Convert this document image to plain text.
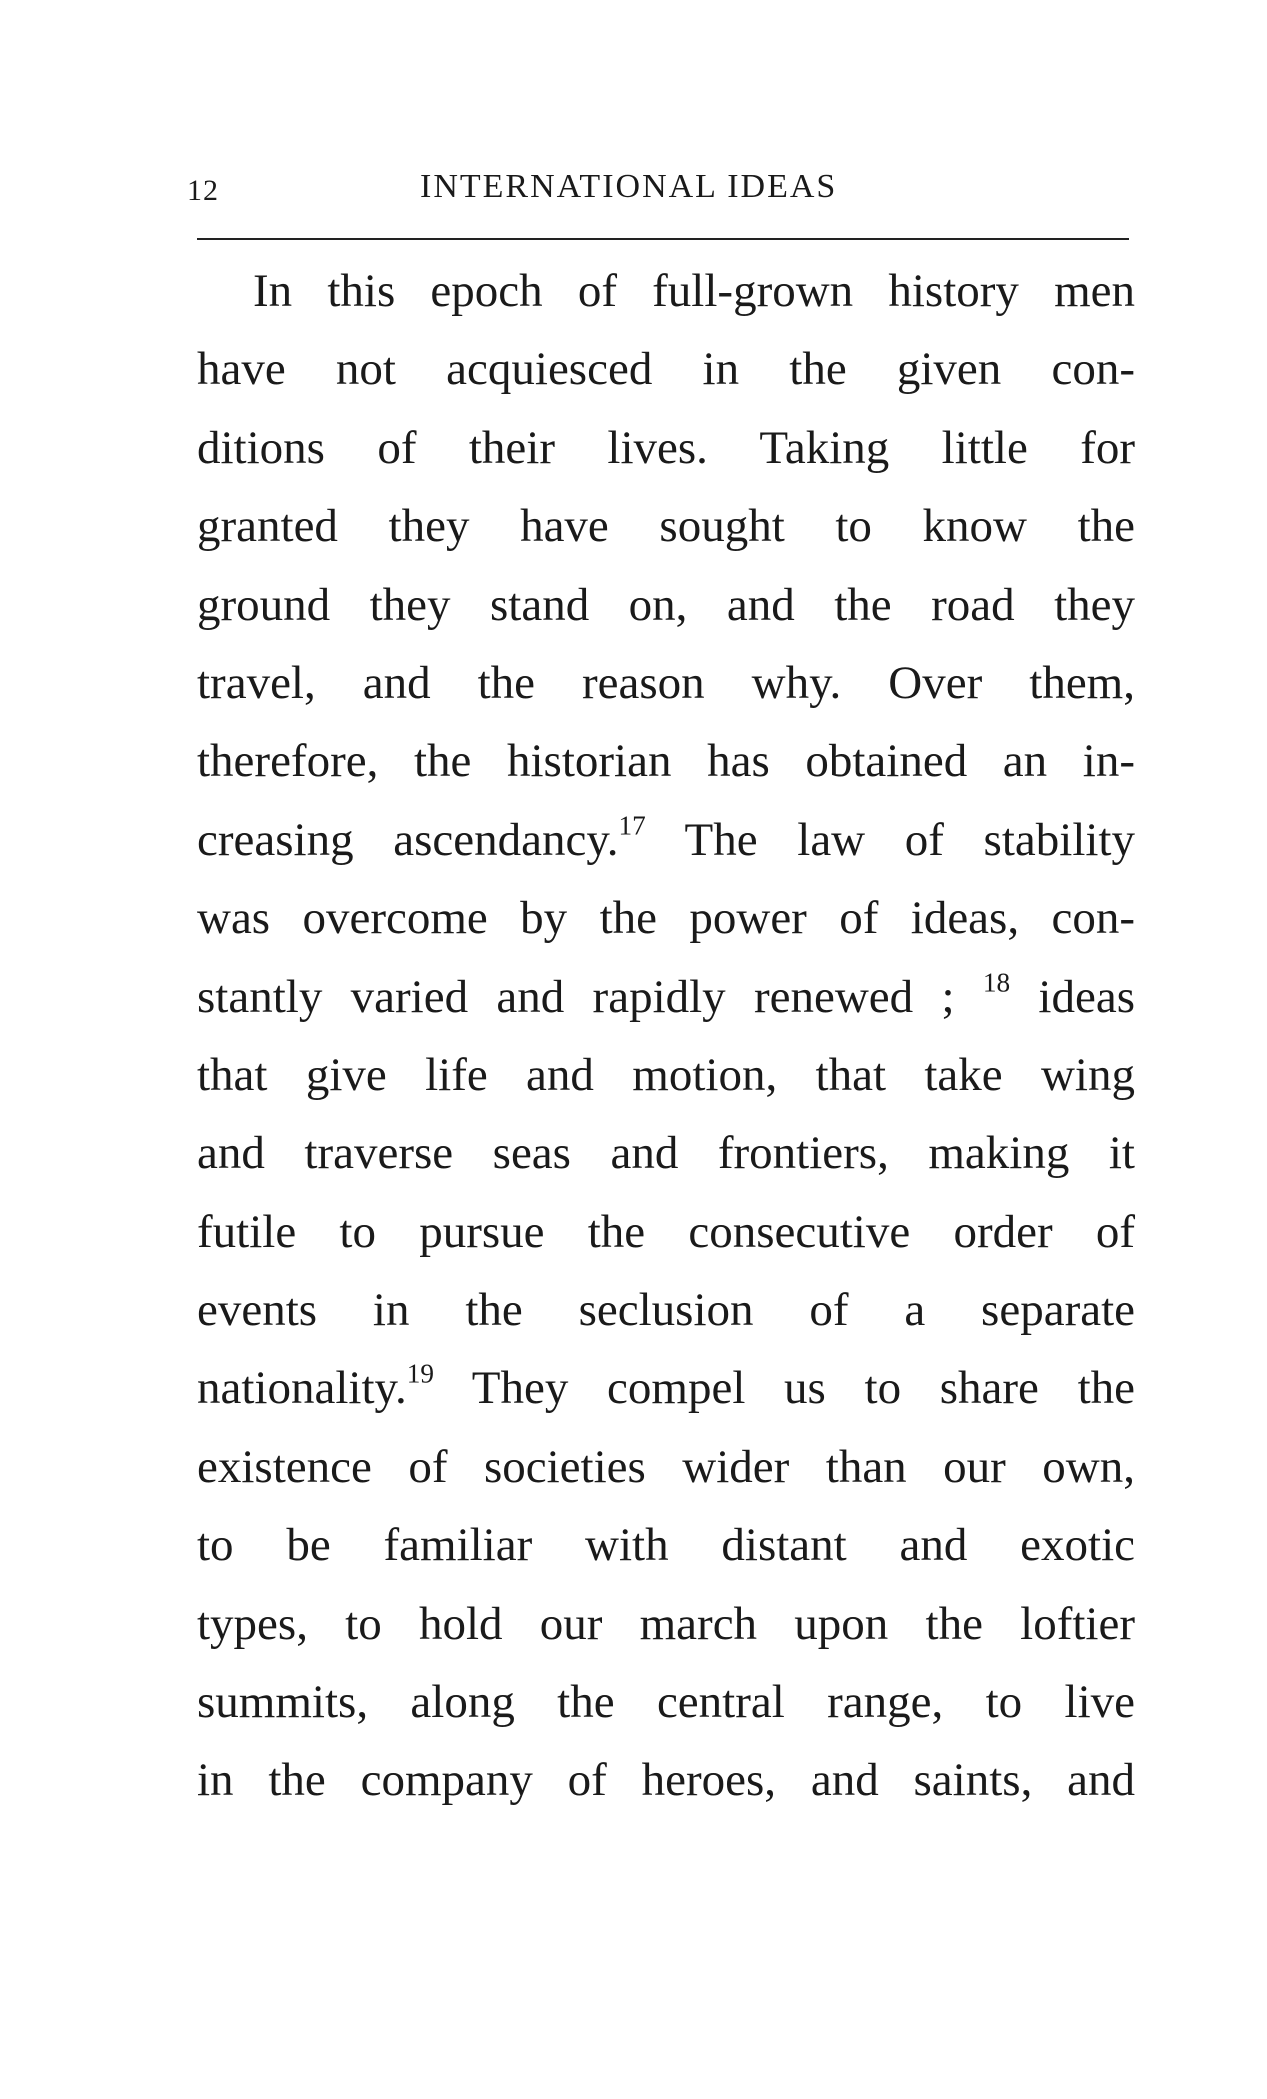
12	INTERNATIONAL IDEAS
In this epoch of full-grown history men
have not acquiesced in the given con-
ditions of their lives. Taking little for
granted they have sought to know the
ground they stand on, and the road they
travel, and the reason why. Over them,
therefore, the historian has obtained an in-
creasing ascendancy.$^{17}$ The law of stability
was overcome by the power of ideas, con-
stantly varied and rapidly renewed ; $^{18}$ ideas
that give life and motion, that take wing
and traverse seas and frontiers, making it
futile to pursue the consecutive order of
events in the seclusion of a separate
nationality.$^{19}$ They compel us to share the
existence of societies wider than our own,
to be familiar with distant and exotic
types, to hold our march upon the loftier
summits, along the central range, to live
in the company of heroes, and saints, and
